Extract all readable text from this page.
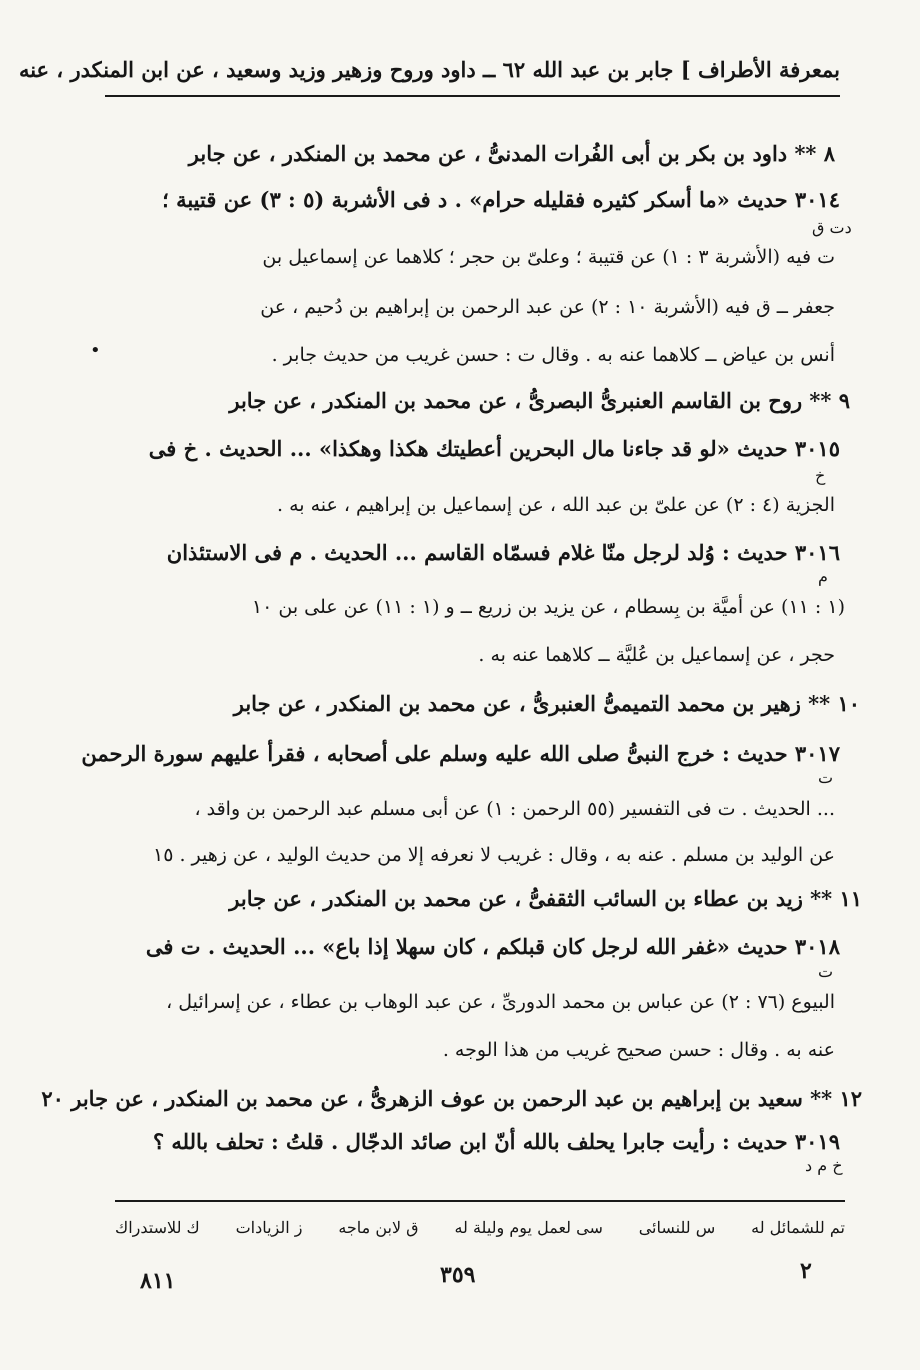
بمعرفة الأطراف ] جابر بن عبد الله ٦٢ ــ داود وروح وزهير وزيد وسعيد ، عن ابن المنكدر ، عنه
٨ ** داود بن بكر بن أبى الفُرات المدنىُّ ، عن محمد بن المنكدر ، عن جابر
٣٠١٤ حديث «ما أسكر كثيره فقليله حرام» . د فى الأشربة (٥ : ٣) عن قتيبة ؛
ت فيه (الأشربة ٣ : ١) عن قتيبة ؛ وعلىّ بن حجر ؛ كلاهما عن إسماعيل بن
جعفر ــ ق فيه (الأشربة ١٠ : ٢) عن عبد الرحمن بن إبراهيم بن دُحيم ، عن
أنس بن عياض ــ كلاهما عنه به . وقال ت : حسن غريب من حديث جابر .
٩ ** روح بن القاسم العنبرىُّ البصرىُّ ، عن محمد بن المنكدر ، عن جابر
٣٠١٥ حديث «لو قد جاءنا مال البحرين أعطيتك هكذا وهكذا» ... الحديث . خ فى
الجزية (٤ : ٢) عن علىّ بن عبد الله ، عن إسماعيل بن إبراهيم ، عنه به .
٣٠١٦ حديث : وُلد لرجل منّا غلام فسمّاه القاسم ... الحديث . م فى الاستئذان
(١ : ١١) عن أميَّة بن بِسطام ، عن يزيد بن زريع ــ و (١ : ١١) عن على بن ١٠
حجر ، عن إسماعيل بن عُليَّة ــ كلاهما عنه به .
١٠ ** زهير بن محمد التميمىُّ العنبرىُّ ، عن محمد بن المنكدر ، عن جابر
٣٠١٧ حديث : خرج النبىُّ صلى الله عليه وسلم على أصحابه ، فقرأ عليهم سورة الرحمن
... الحديث . ت فى التفسير (٥٥ الرحمن : ١) عن أبى مسلم عبد الرحمن بن واقد ،
عن الوليد بن مسلم . عنه به ، وقال : غريب لا نعرفه إلا من حديث الوليد ، عن زهير . ١٥
١١ ** زيد بن عطاء بن السائب الثقفىُّ ، عن محمد بن المنكدر ، عن جابر
٣٠١٨ حديث «غفر الله لرجل كان قبلكم ، كان سهلا إذا باع» ... الحديث . ت فى
البيوع (٧٦ : ٢) عن عباس بن محمد الدورىِّ ، عن عبد الوهاب بن عطاء ، عن إسرائيل ،
عنه به . وقال : حسن صحيح غريب من هذا الوجه .
١٢ ** سعيد بن إبراهيم بن عبد الرحمن بن عوف الزهرىُّ ، عن محمد بن المنكدر ، عن جابر ٢٠
٣٠١٩ حديث : رأيت جابرا يحلف بالله أنّ ابن صائد الدجّال . قلتُ : تحلف بالله ؟
دت ق
خ
م
ت
ت
خ م د
•
تم للشمائل له
س للنسائى
سى لعمل يوم وليلة له
ق لابن ماجه
ز الزيادات
ك للاستدراك
٢
٣٥٩
٨١١
